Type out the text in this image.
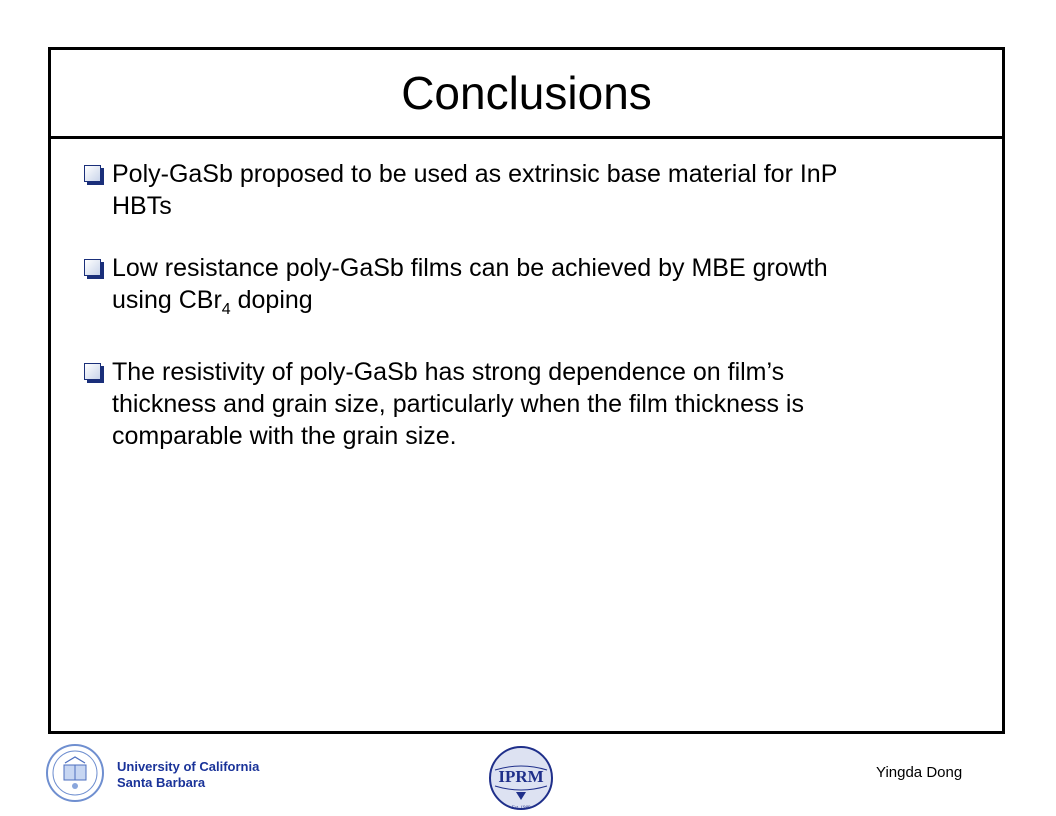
Conclusions
Poly-GaSb proposed to be used as extrinsic base material for InP HBTs
Low resistance poly-GaSb films can be achieved by MBE growth using CBr$_4$ doping
The resistivity of poly-GaSb has strong dependence on film’s thickness and grain size, particularly when the film thickness is comparable with the grain size.
University of California
Santa Barbara	IPRM
Est. 1989
Yingda Dong
